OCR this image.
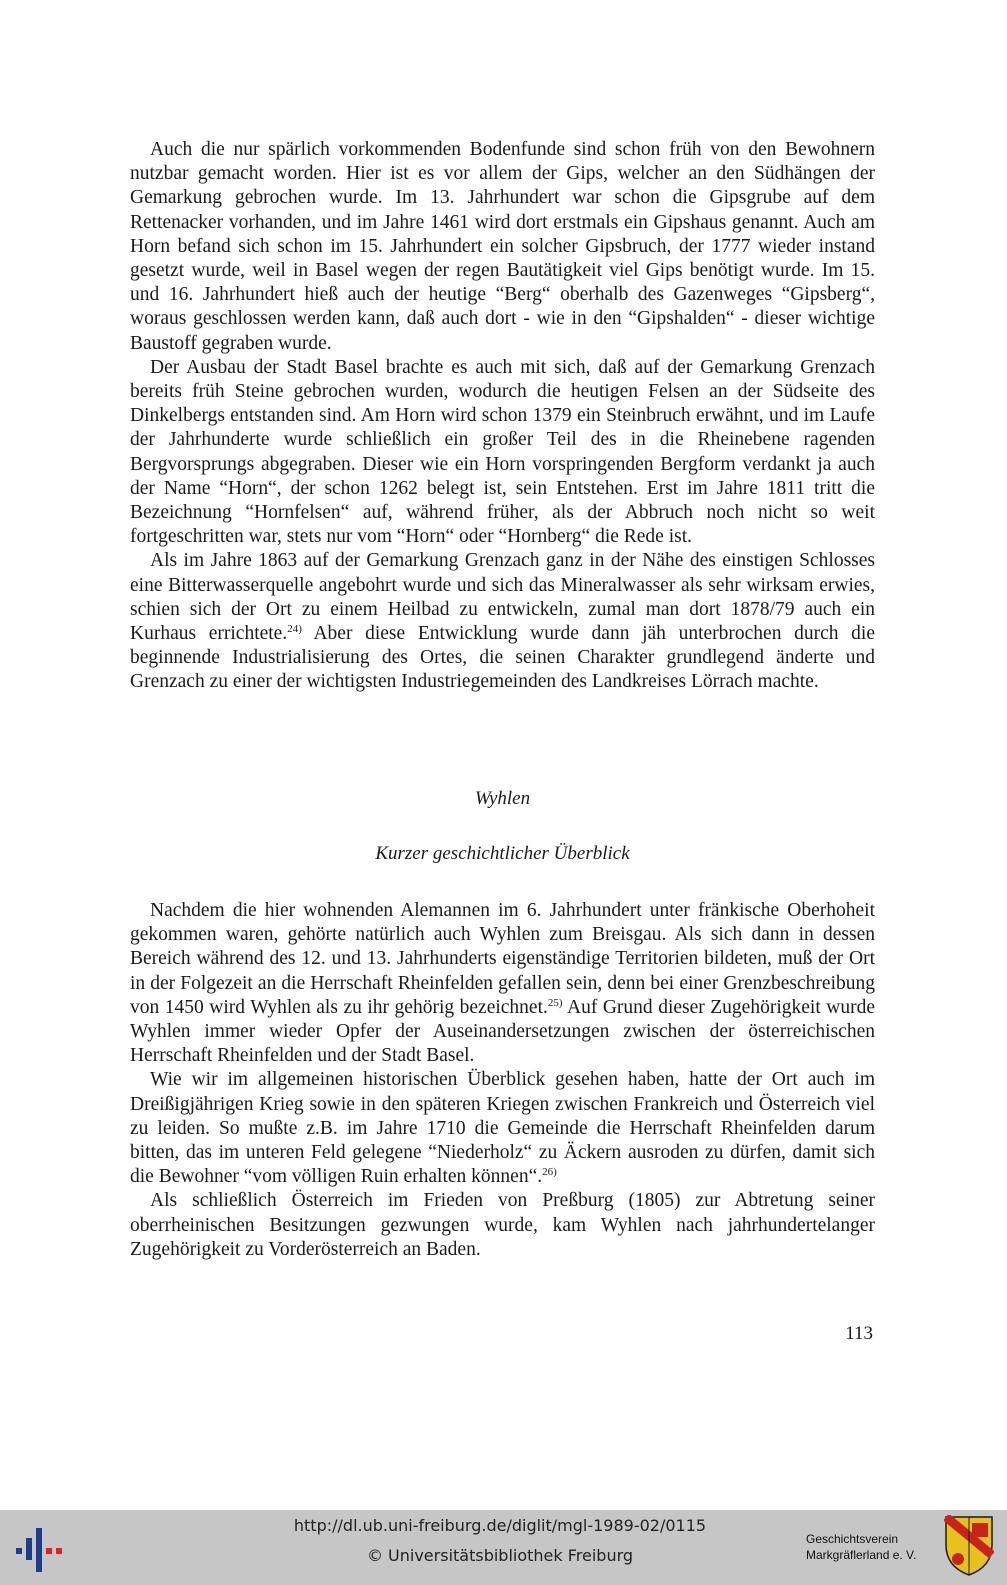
Auch die nur spärlich vorkommenden Bodenfunde sind schon früh von den Bewohnern nutzbar gemacht worden. Hier ist es vor allem der Gips, welcher an den Südhängen der Gemarkung gebrochen wurde. Im 13. Jahrhundert war schon die Gipsgrube auf dem Rettenacker vorhanden, und im Jahre 1461 wird dort erstmals ein Gipshaus genannt. Auch am Horn befand sich schon im 15. Jahrhundert ein solcher Gipsbruch, der 1777 wieder instand gesetzt wurde, weil in Basel wegen der regen Bautätigkeit viel Gips benötigt wurde. Im 15. und 16. Jahrhundert hieß auch der heutige “Berg“ oberhalb des Gazenweges “Gipsberg“, woraus geschlossen werden kann, daß auch dort - wie in den “Gipshalden“ - dieser wichtige Baustoff gegraben wurde.

Der Ausbau der Stadt Basel brachte es auch mit sich, daß auf der Gemarkung Grenzach bereits früh Steine gebrochen wurden, wodurch die heutigen Felsen an der Südseite des Dinkelbergs entstanden sind. Am Horn wird schon 1379 ein Steinbruch erwähnt, und im Laufe der Jahrhunderte wurde schließlich ein großer Teil des in die Rheinebene ragenden Bergvorsprungs abgegraben. Dieser wie ein Horn vorspringenden Bergform verdankt ja auch der Name “Horn“, der schon 1262 belegt ist, sein Entstehen. Erst im Jahre 1811 tritt die Bezeichnung “Hornfelsen“ auf, während früher, als der Abbruch noch nicht so weit fortgeschritten war, stets nur vom “Horn“ oder “Hornberg“ die Rede ist.

Als im Jahre 1863 auf der Gemarkung Grenzach ganz in der Nähe des einstigen Schlosses eine Bitterwasserquelle angebohrt wurde und sich das Mineralwasser als sehr wirksam erwies, schien sich der Ort zu einem Heilbad zu entwickeln, zumal man dort 1878/79 auch ein Kurhaus errichtete.$^{24)}$ Aber diese Entwicklung wurde dann jäh unterbrochen durch die beginnende Industrialisierung des Ortes, die seinen Charakter grundlegend änderte und Grenzach zu einer der wichtigsten Industriegemeinden des Landkreises Lörrach machte.

Wyhlen
Kurzer geschichtlicher Überblick

Nachdem die hier wohnenden Alemannen im 6. Jahrhundert unter fränkische Oberhoheit gekommen waren, gehörte natürlich auch Wyhlen zum Breisgau. Als sich dann in dessen Bereich während des 12. und 13. Jahrhunderts eigenständige Territorien bildeten, muß der Ort in der Folgezeit an die Herrschaft Rheinfelden gefallen sein, denn bei einer Grenzbeschreibung von 1450 wird Wyhlen als zu ihr gehörig bezeichnet.$^{25)}$ Auf Grund dieser Zugehörigkeit wurde Wyhlen immer wieder Opfer der Auseinandersetzungen zwischen der österreichischen Herrschaft Rheinfelden und der Stadt Basel.

Wie wir im allgemeinen historischen Überblick gesehen haben, hatte der Ort auch im Dreißigjährigen Krieg sowie in den späteren Kriegen zwischen Frankreich und Österreich viel zu leiden. So mußte z.B. im Jahre 1710 die Gemeinde die Herrschaft Rheinfelden darum bitten, das im unteren Feld gelegene “Niederholz“ zu Äckern ausroden zu dürfen, damit sich die Bewohner “vom völligen Ruin erhalten können“.$^{26)}$

Als schließlich Österreich im Frieden von Preßburg (1805) zur Abtretung seiner oberrheinischen Besitzungen gezwungen wurde, kam Wyhlen nach jahrhundertelanger Zugehörigkeit zu Vorderösterreich an Baden.

113
http://dl.ub.uni-freiburg.de/diglit/mgl-1989-02/0115
© Universitätsbibliothek Freiburg
Geschichtsverein
Markgräflerland e. V.
